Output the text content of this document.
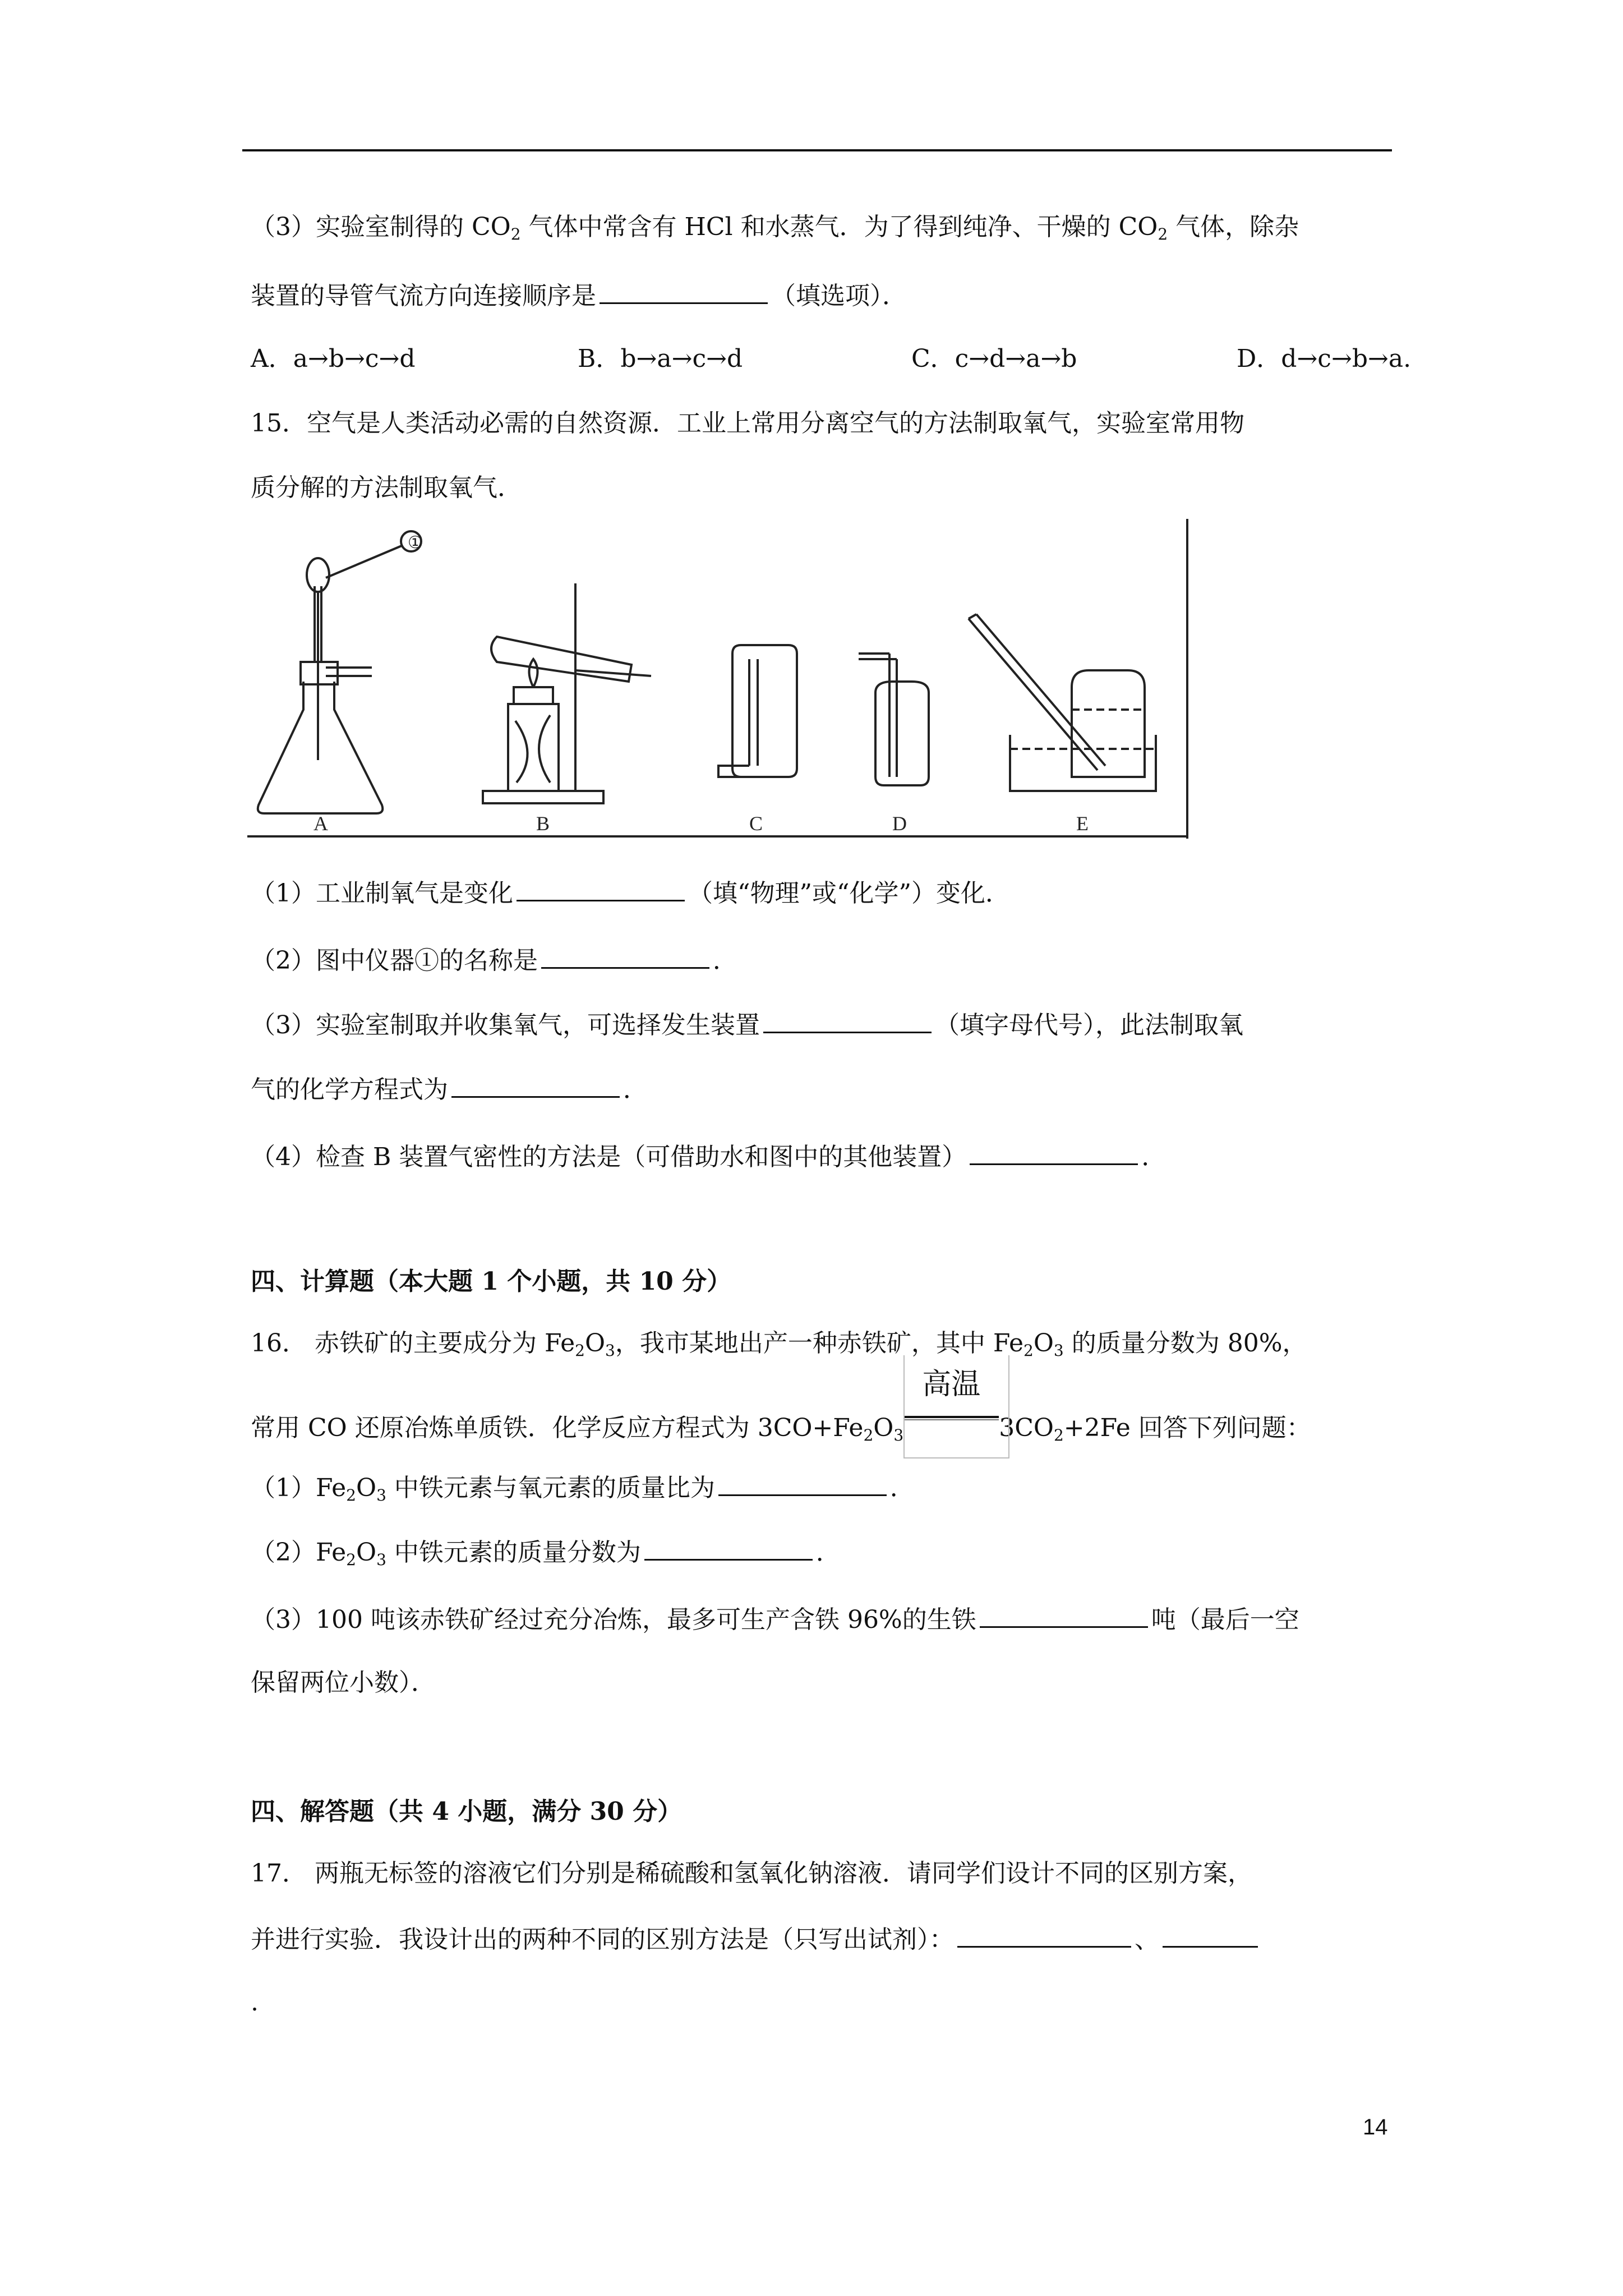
（3）实验室制得的 $CO_2$ 气体中常含有 HCl 和水蒸气．为了得到纯净、干燥的 $CO_2$ 气体，除杂
装置的导管气流方向连接顺序是	（填选项）．
A．a→b→c→d	B．b→a→c→d	C．c→d→a→b	D．d→c→b→a.
15．空气是人类活动必需的自然资源．工业上常用分离空气的方法制取氧气，实验室常用物
质分解的方法制取氧气．
①
A	B	C	D	E
（1）工业制氧气是变化	（填“物理”或“化学”）变化．
（2）图中仪器①的名称是	．
（3）实验室制取并收集氧气，可选择发生装置	（填字母代号），此法制取氧
气的化学方程式为	．
（4）检查 B 装置气密性的方法是（可借助水和图中的其他装置）	．
四、计算题（本大题 1 个小题，共 10 分）
16． 赤铁矿的主要成分为 $Fe_2O_3$，我市某地出产一种赤铁矿，其中 $Fe_2O_3$ 的质量分数为 80%，
常用 CO 还原冶炼单质铁．化学反应方程式为 $3CO+Fe_2O_3$
高温
$3CO_2+2Fe$ 回答下列问题：
$(1)Fe_2O_3$ 中铁元素与氧元素的质量比为	．
$(2)Fe_2O_3$ 中铁元素的质量分数为	．
（3）100 吨该赤铁矿经过充分冶炼，最多可生产含铁 96%的生铁	吨（最后一空
保留两位小数）．
四、解答题（共 4 小题，满分 30 分）
17． 两瓶无标签的溶液它们分别是稀硫酸和氢氧化钠溶液．请同学们设计不同的区别方案，
并进行实验．我设计出的两种不同的区别方法是（只写出试剂）：	、
.
14
